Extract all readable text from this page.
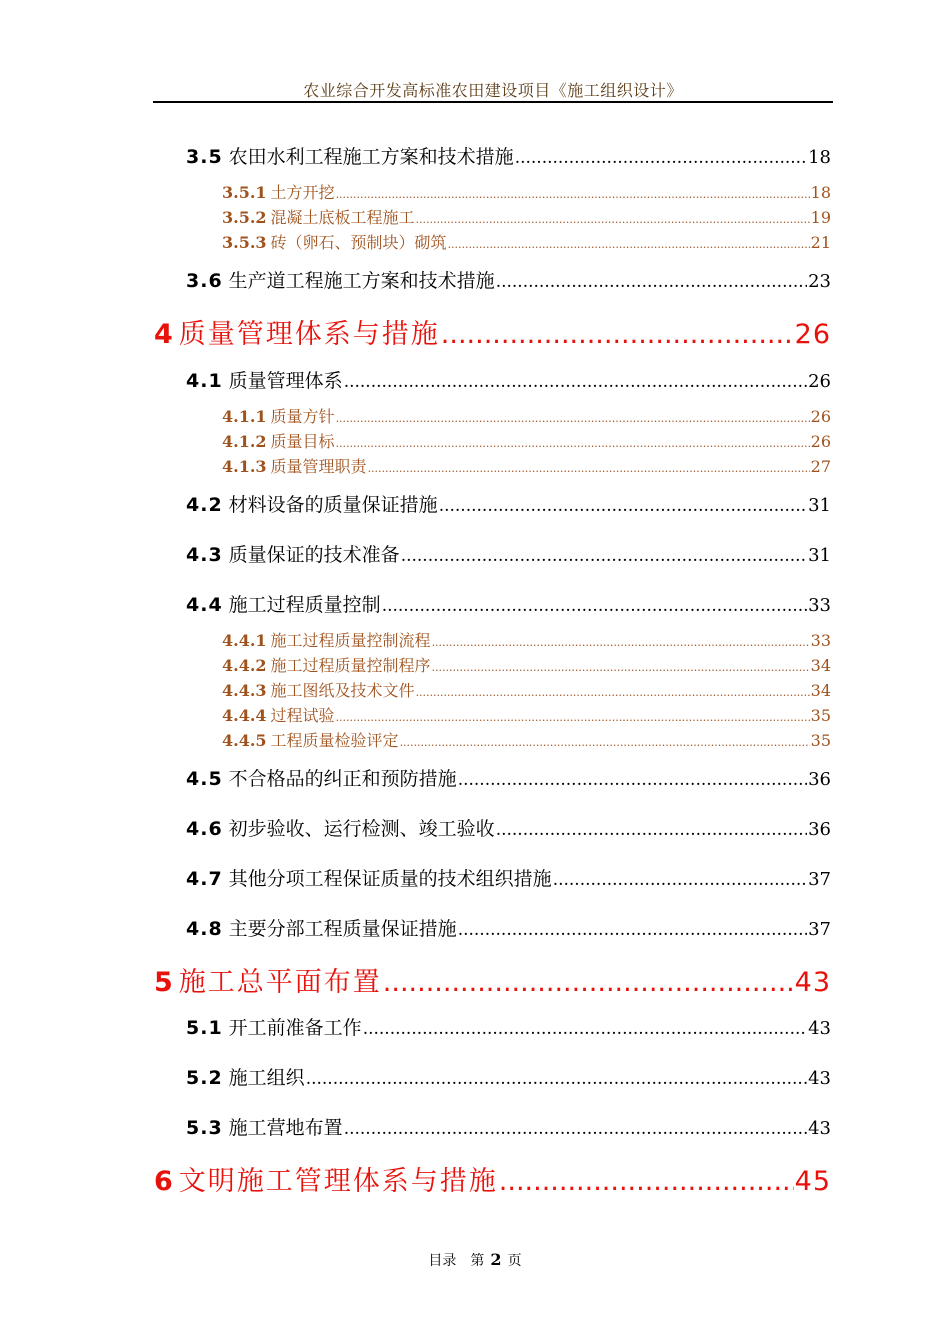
农业综合开发高标准农田建设项目《施工组织设计》
3.5 农田水利工程施工方案和技术措施 .....	18
3.5.1 土方开挖 .....	18
3.5.2 混凝土底板工程施工 .....	19
3.5.3 砖（卵石、预制块）砌筑 .....	21
3.6 生产道工程施工方案和技术措施 .....	23
4 质量管理体系与措施 .....	26
4.1 质量管理体系 .....	26
4.1.1 质量方针 .....	26
4.1.2 质量目标 .....	26
4.1.3 质量管理职责 .....	27
4.2 材料设备的质量保证措施 .....	31
4.3 质量保证的技术准备 .....	31
4.4 施工过程质量控制 .....	33
4.4.1 施工过程质量控制流程 .....	33
4.4.2 施工过程质量控制程序 .....	34
4.4.3 施工图纸及技术文件 .....	34
4.4.4 过程试验 .....	35
4.4.5 工程质量检验评定 .....	35
4.5 不合格品的纠正和预防措施 .....	36
4.6 初步验收、运行检测、竣工验收 .....	36
4.7 其他分项工程保证质量的技术组织措施 .....	37
4.8 主要分部工程质量保证措施 .....	37
5 施工总平面布置 .....	43
5.1 开工前准备工作 .....	43
5.2 施工组织 .....	43
5.3 施工营地布置 .....	43
6 文明施工管理体系与措施 .....	45
目录 第 2 页
